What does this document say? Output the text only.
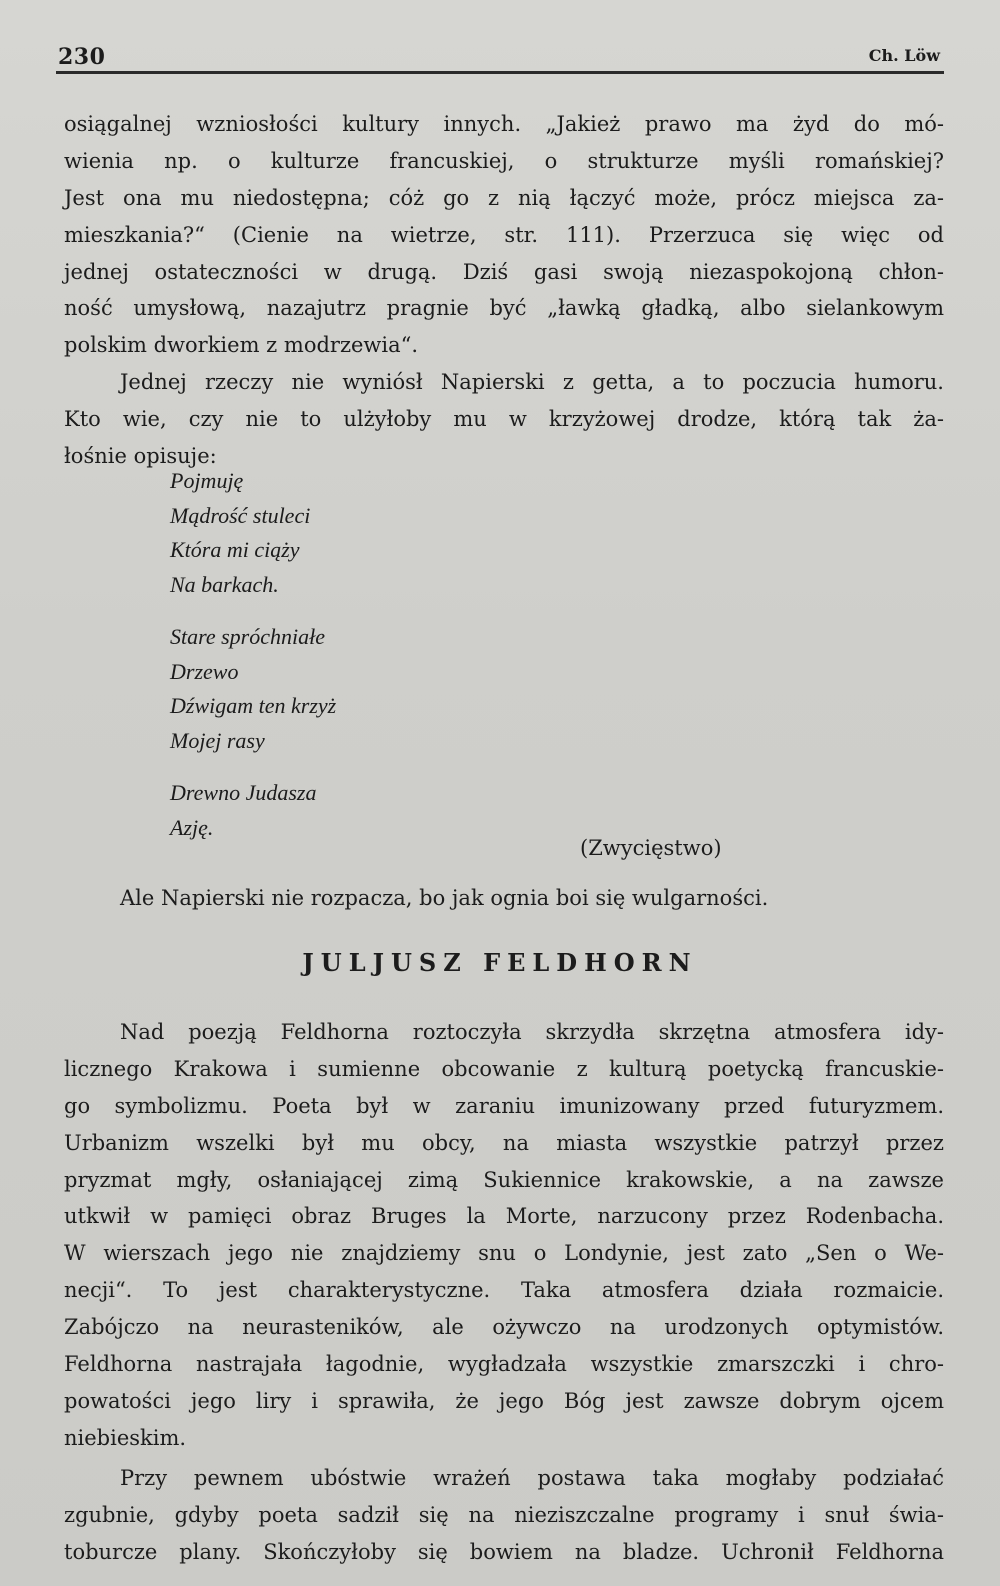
230	Ch. Löw

osiągalnej wzniosłości kultury innych. „Jakież prawo ma żyd do mó-

wienia np. o kulturze francuskiej, o strukturze myśli romańskiej?

Jest ona mu niedostępna; cóż go z nią łączyć może, prócz miejsca za-

mieszkania?“ (Cienie na wietrze, str. 111). Przerzuca się więc od

jednej ostateczności w drugą. Dziś gasi swoją niezaspokojoną chłon-

ność umysłową, nazajutrz pragnie być „ławką gładką, albo sielankowym

polskim dworkiem z modrzewia“.

Jednej rzeczy nie wyniósł Napierski z getta, a to poczucia humoru.

Kto wie, czy nie to ulżyłoby mu w krzyżowej drodze, którą tak ża-

łośnie opisuje:

Pojmuję
Mądrość stuleci
Która mi ciąży
Na barkach.
Stare spróchniałe
Drzewo
Dźwigam ten krzyż
Mojej rasy
Drewno Judasza
Azję.
(Zwycięstwo)

Ale Napierski nie rozpacza, bo jak ognia boi się wulgarności.

JULJUSZ FELDHORN

Nad poezją Feldhorna roztoczyła skrzydła skrzętna atmosfera idy-

licznego Krakowa i sumienne obcowanie z kulturą poetycką francuskie-

go symbolizmu. Poeta był w zaraniu imunizowany przed futuryzmem.

Urbanizm wszelki był mu obcy, na miasta wszystkie patrzył przez

pryzmat mgły, osłaniającej zimą Sukiennice krakowskie, a na zawsze

utkwił w pamięci obraz Bruges la Morte, narzucony przez Rodenbacha.

W wierszach jego nie znajdziemy snu o Londynie, jest zato „Sen o We-

necji“. To jest charakterystyczne. Taka atmosfera działa rozmaicie.

Zabójczo na neurasteników, ale ożywczo na urodzonych optymistów.

Feldhorna nastrajała łagodnie, wygładzała wszystkie zmarszczki i chro-

powatości jego liry i sprawiła, że jego Bóg jest zawsze dobrym ojcem

niebieskim.

Przy pewnem ubóstwie wrażeń postawa taka mogłaby podziałać

zgubnie, gdyby poeta sadził się na nieziszczalne programy i snuł świa-

toburcze plany. Skończyłoby się bowiem na bladze. Uchronił Feldhorna
